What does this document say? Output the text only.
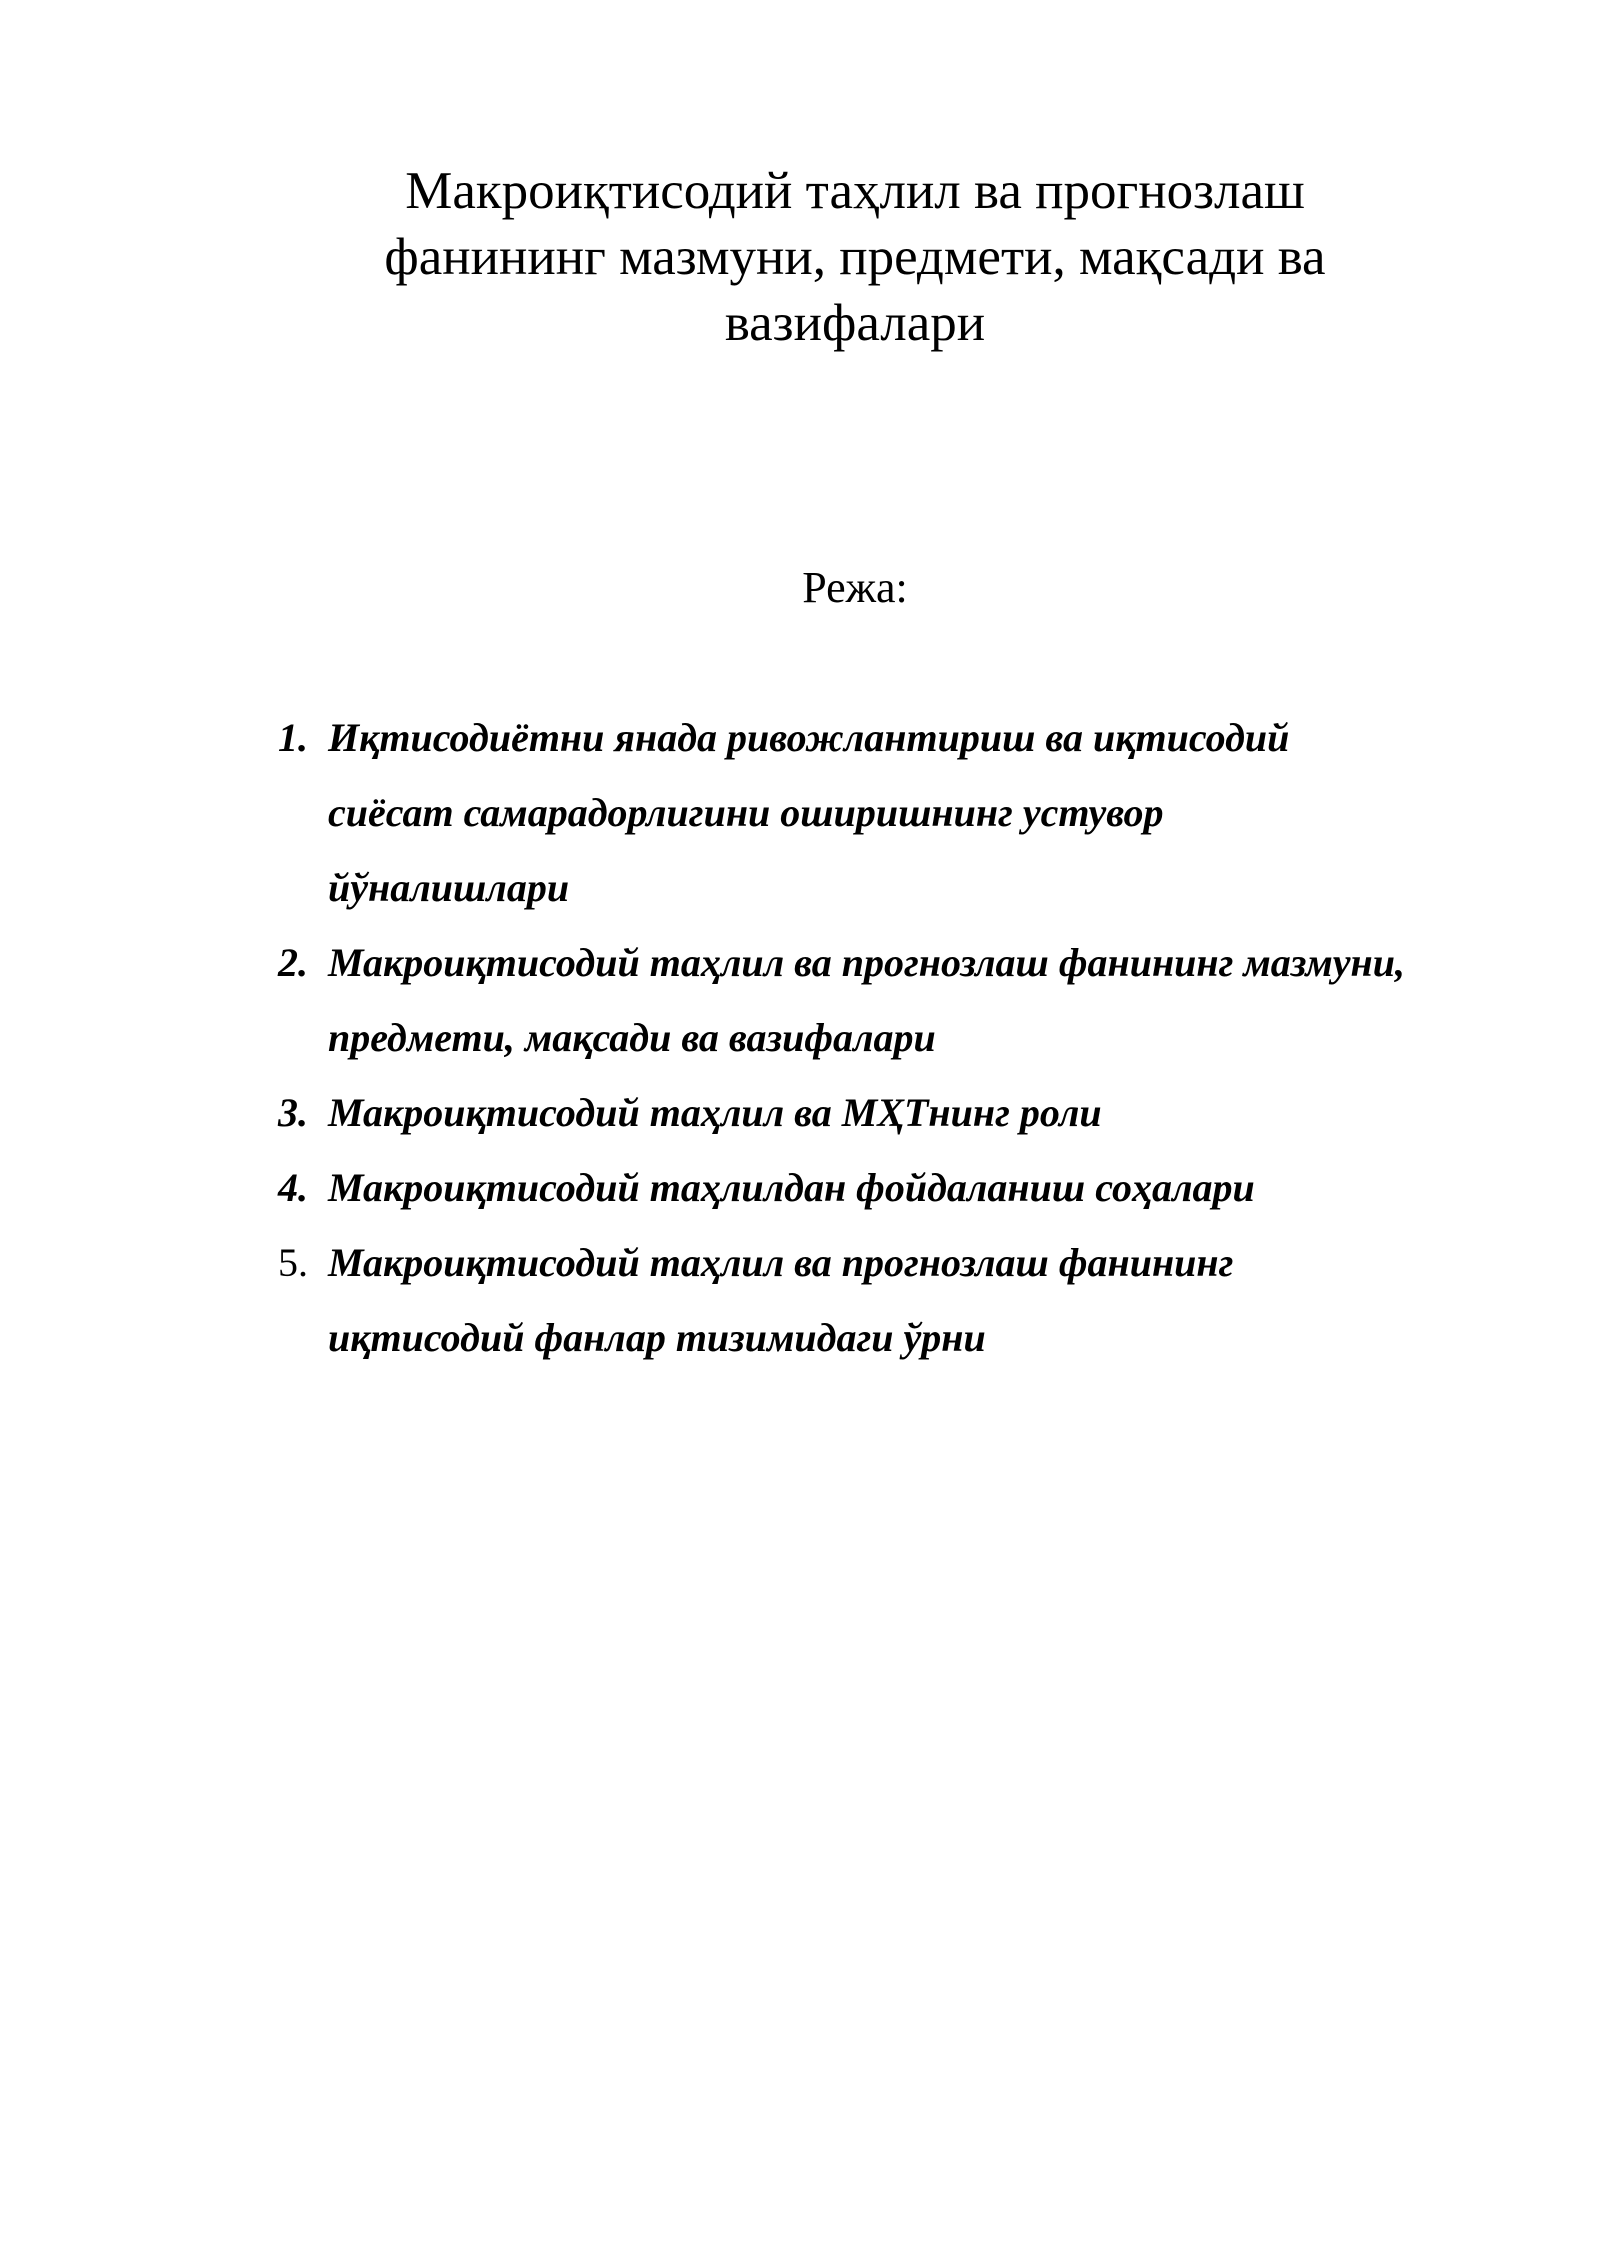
Макроиқтисодий таҳлил ва прогнозлаш
фанининг мазмуни, предмети, мақсади ва
вазифалари
Режа:
1. Иқтисодиётни янада ривожлантириш ва иқтисодий
сиёсат самарадорлигини оширишнинг устувор
йўналишлари
2. Макроиқтисодий таҳлил ва прогнозлаш фанининг мазмуни,
предмети, мақсади ва вазифалари
3. Макроиқтисодий таҳлил ва МҲТнинг роли
4. Макроиқтисодий таҳлилдан фойдаланиш соҳалари
5. Макроиқтисодий таҳлил ва прогнозлаш фанининг
иқтисодий фанлар тизимидаги ўрни
